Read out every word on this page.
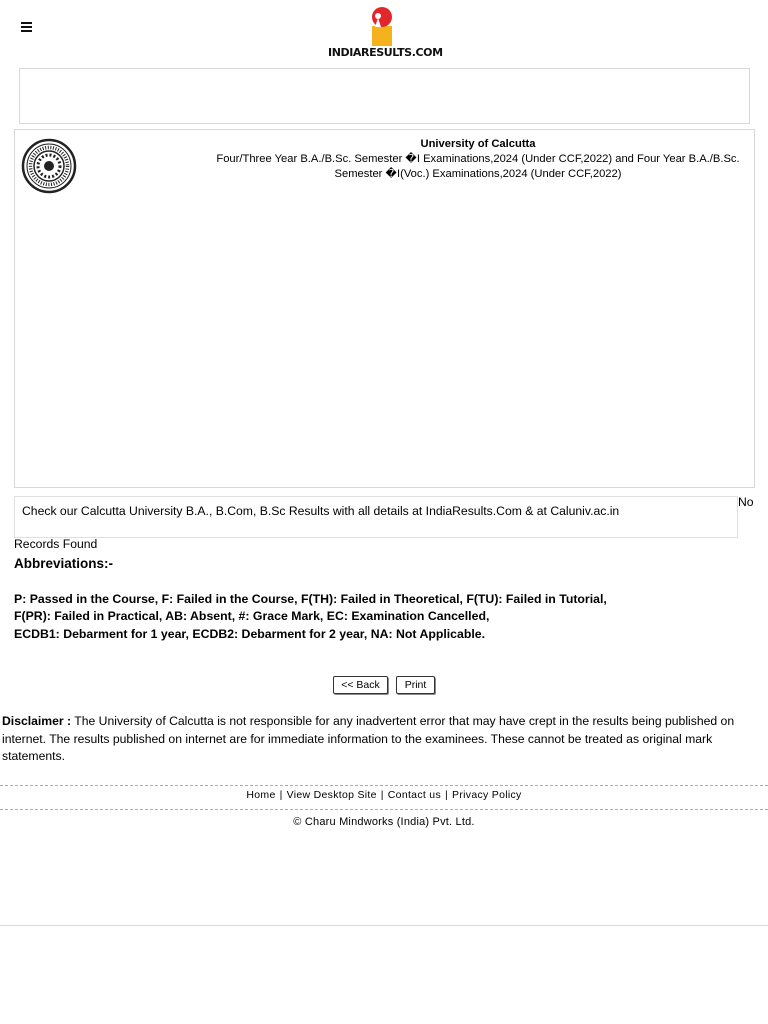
INDIARESULTS.COM
University of Calcutta
Four/Three Year B.A./B.Sc. Semester �I Examinations,2024 (Under CCF,2022) and Four Year B.A./B.Sc. Semester �I(Voc.) Examinations,2024 (Under CCF,2022)
Check our Calcutta University B.A., B.Com, B.Sc Results with all details at IndiaResults.Com & at Caluniv.ac.in
No
Records Found
Abbreviations:-
P: Passed in the Course, F: Failed in the Course, F(TH): Failed in Theoretical, F(TU): Failed in Tutorial,
F(PR): Failed in Practical, AB: Absent, #: Grace Mark, EC: Examination Cancelled,
ECDB1: Debarment for 1 year, ECDB2: Debarment for 2 year, NA: Not Applicable.
<< Back	Print
Disclaimer : The University of Calcutta is not responsible for any inadvertent error that may have crept in the results being published on internet. The results published on internet are for immediate information to the examinees. These cannot be treated as original mark statements.
Home | View Desktop Site | Contact us | Privacy Policy
© Charu Mindworks (India) Pvt. Ltd.
